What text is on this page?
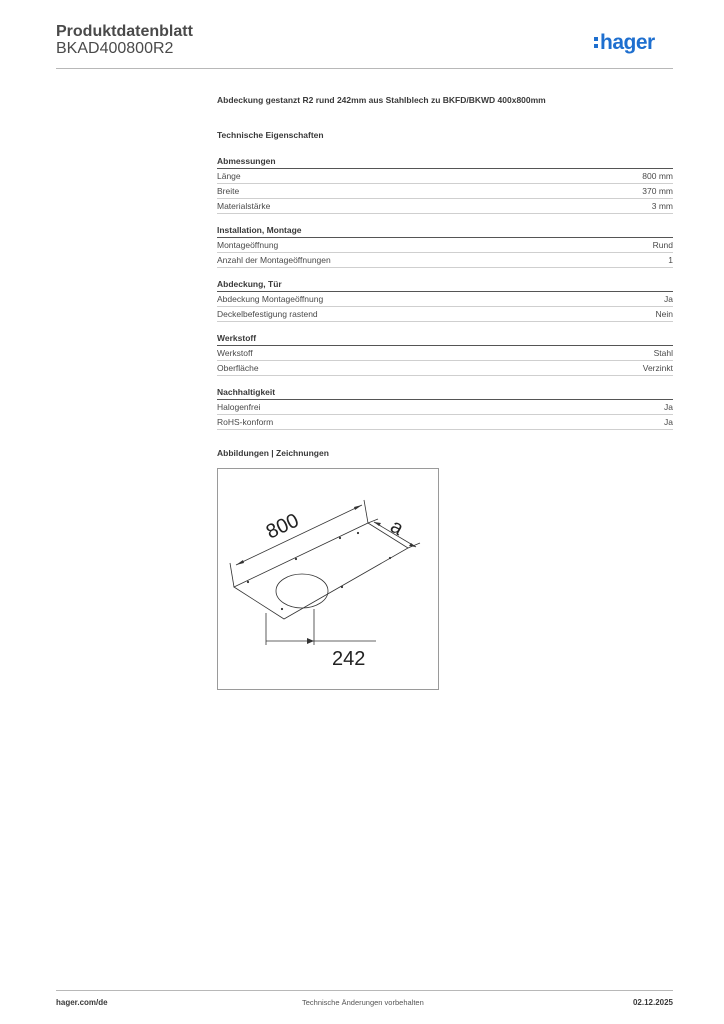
Produktdatenblatt
BKAD400800R2	hager
Abdeckung gestanzt R2 rund 242mm aus Stahlblech zu BKFD/BKWD 400x800mm
Technische Eigenschaften
Abmessungen
Länge	800 mm
Breite	370 mm
Materialstärke	3 mm
Installation, Montage
Montageöffnung	Rund
Anzahl der Montageöffnungen	1
Abdeckung, Tür
Abdeckung Montageöffnung	Ja
Deckelbefestigung rastend	Nein
Werkstoff
Werkstoff	Stahl
Oberfläche	Verzinkt
Nachhaltigkeit
Halogenfrei	Ja
RoHS-konform	Ja
Abbildungen | Zeichnungen
800	a
242
hager.com/de	Technische Änderungen vorbehalten	02.12.2025
